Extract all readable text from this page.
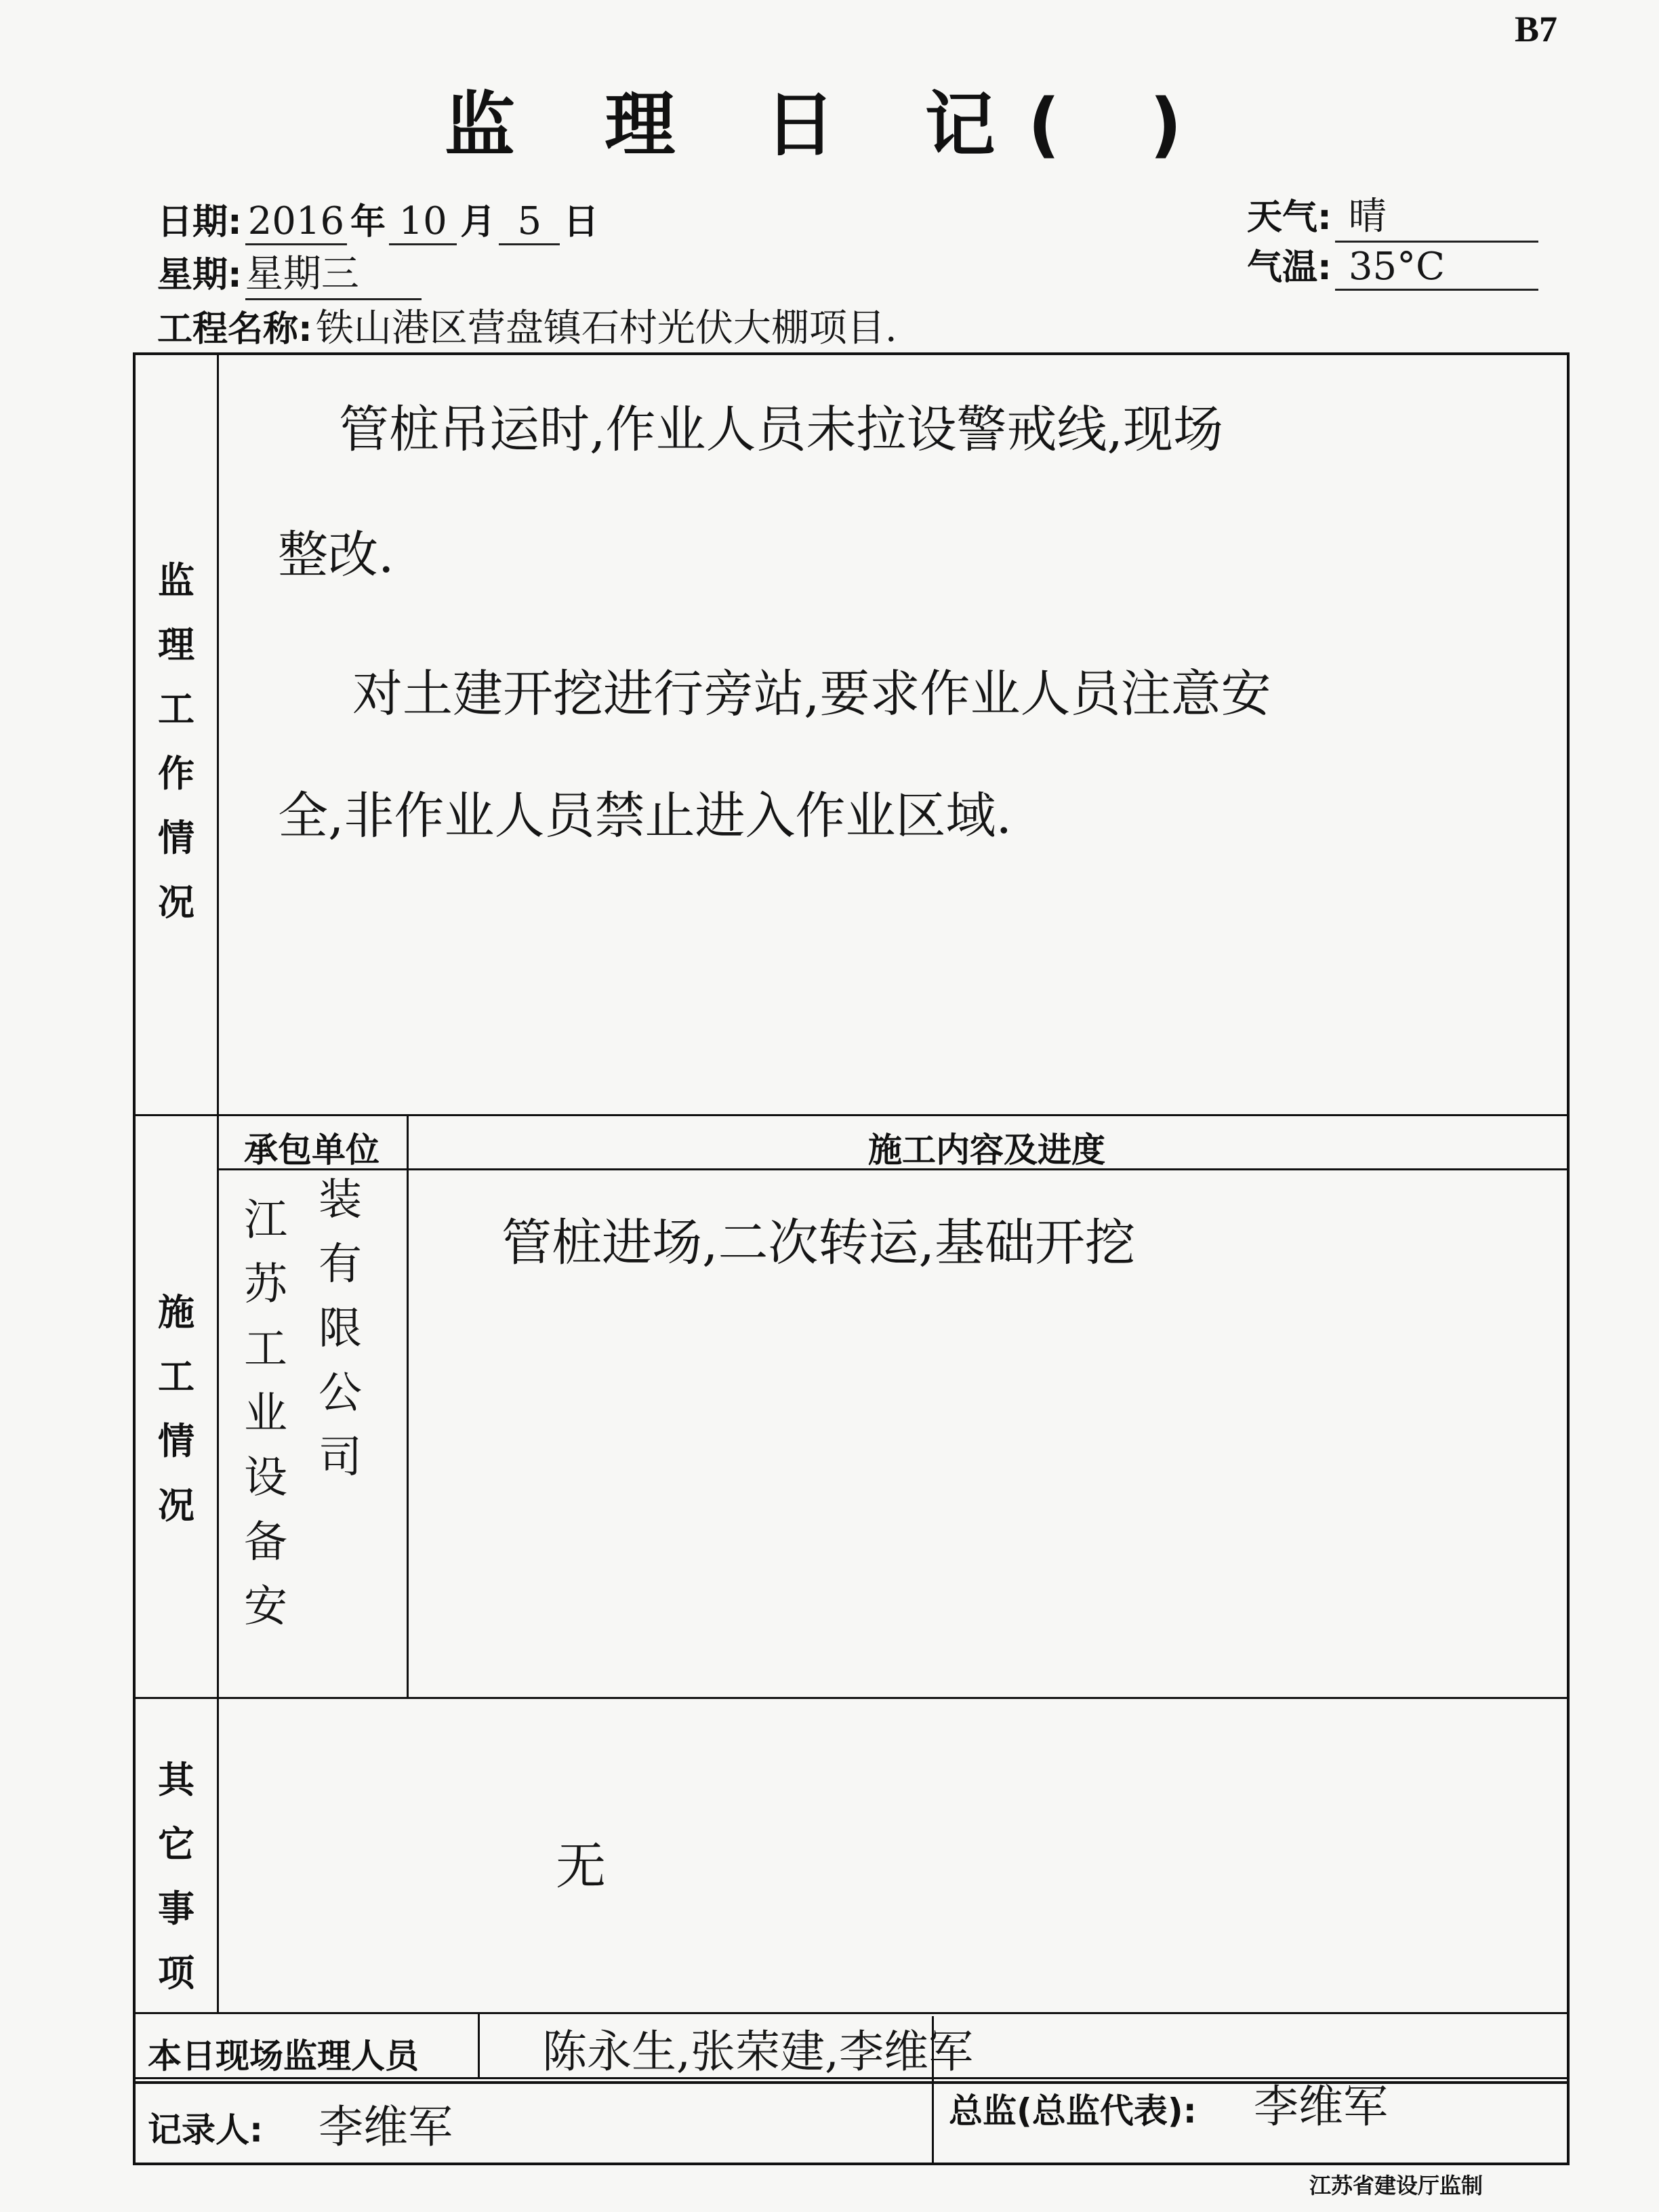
B7
监 理 日 记( )
日期: 2016 年 10 月 5 日
星期: 星期三
工程名称: 铁山港区营盘镇石村光伏大棚项目.
天气: 晴
气温: 35°C
监理工作情况
管桩吊运时,作业人员未拉设警戒线,现场
整改.
对土建开挖进行旁站,要求作业人员注意安
全,非作业人员禁止进入作业区域.
施工情况
承包单位	施工内容及进度
江苏工业设备安
装有限公司
管桩进场,二次转运,基础开挖
其它事项
无
本日现场监理人员	陈永生,张荣建,李维军
记录人: 李维军	总监(总监代表): 李维军
江苏省建设厅监制
